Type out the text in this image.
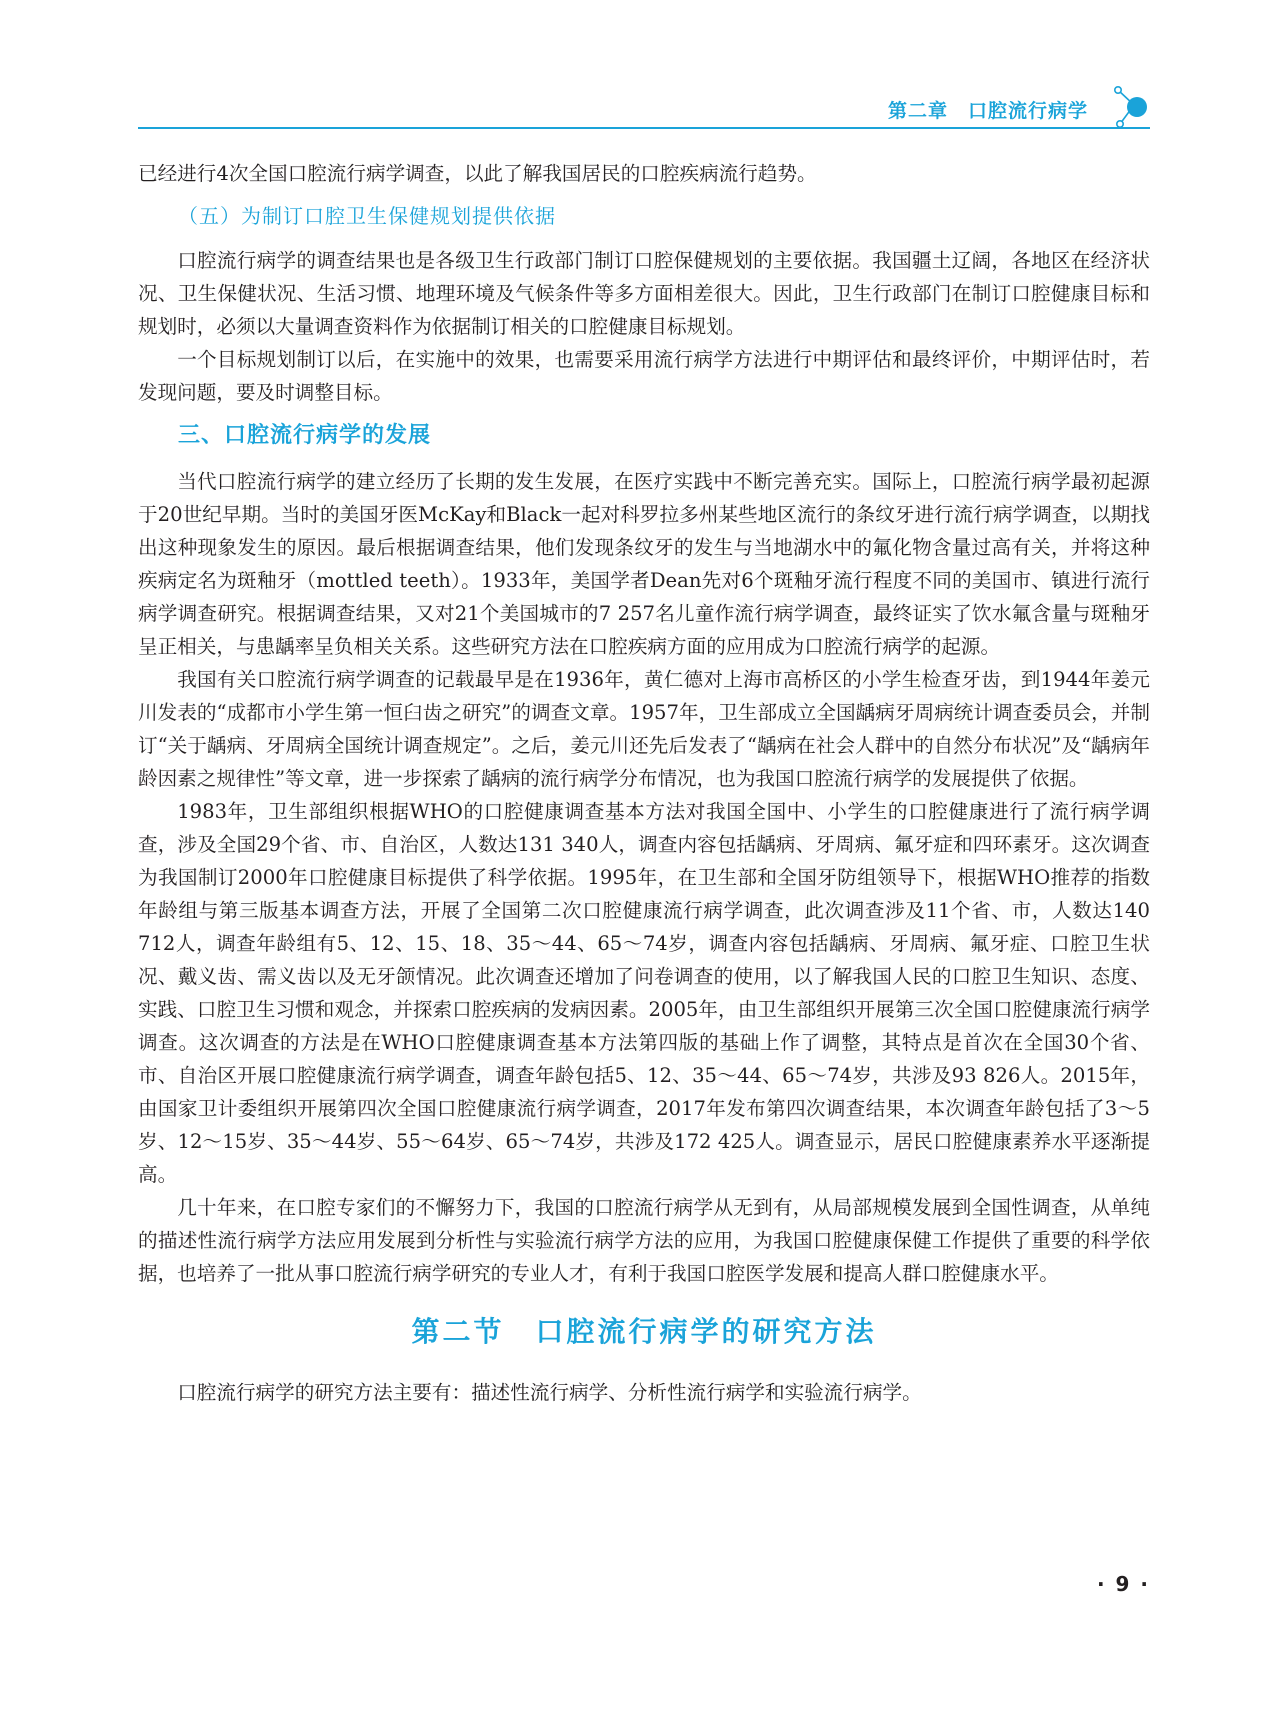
第二章　口腔流行病学

已经进行4次全国口腔流行病学调查，以此了解我国居民的口腔疾病流行趋势。

（五）为制订口腔卫生保健规划提供依据

口腔流行病学的调查结果也是各级卫生行政部门制订口腔保健规划的主要依据。我国疆土辽阔，各地区在经济状况、卫生保健状况、生活习惯、地理环境及气候条件等多方面相差很大。因此，卫生行政部门在制订口腔健康目标和规划时，必须以大量调查资料作为依据制订相关的口腔健康目标规划。

一个目标规划制订以后，在实施中的效果，也需要采用流行病学方法进行中期评估和最终评价，中期评估时，若发现问题，要及时调整目标。

三、口腔流行病学的发展

当代口腔流行病学的建立经历了长期的发生发展，在医疗实践中不断完善充实。国际上，口腔流行病学最初起源于20世纪早期。当时的美国牙医McKay和Black一起对科罗拉多州某些地区流行的条纹牙进行流行病学调查，以期找出这种现象发生的原因。最后根据调查结果，他们发现条纹牙的发生与当地湖水中的氟化物含量过高有关，并将这种疾病定名为斑釉牙（mottled teeth）。1933年，美国学者Dean先对6个斑釉牙流行程度不同的美国市、镇进行流行病学调查研究。根据调查结果，又对21个美国城市的7 257名儿童作流行病学调查，最终证实了饮水氟含量与斑釉牙呈正相关，与患龋率呈负相关关系。这些研究方法在口腔疾病方面的应用成为口腔流行病学的起源。

我国有关口腔流行病学调查的记载最早是在1936年，黄仁德对上海市高桥区的小学生检查牙齿，到1944年姜元川发表的“成都市小学生第一恒臼齿之研究”的调查文章。1957年，卫生部成立全国龋病牙周病统计调查委员会，并制订“关于龋病、牙周病全国统计调查规定”。之后，姜元川还先后发表了“龋病在社会人群中的自然分布状况”及“龋病年龄因素之规律性”等文章，进一步探索了龋病的流行病学分布情况，也为我国口腔流行病学的发展提供了依据。

1983年，卫生部组织根据WHO的口腔健康调查基本方法对我国全国中、小学生的口腔健康进行了流行病学调查，涉及全国29个省、市、自治区，人数达131 340人，调查内容包括龋病、牙周病、氟牙症和四环素牙。这次调查为我国制订2000年口腔健康目标提供了科学依据。1995年，在卫生部和全国牙防组领导下，根据WHO推荐的指数年龄组与第三版基本调查方法，开展了全国第二次口腔健康流行病学调查，此次调查涉及11个省、市，人数达140 712人，调查年龄组有5、12、15、18、35～44、65～74岁，调查内容包括龋病、牙周病、氟牙症、口腔卫生状况、戴义齿、需义齿以及无牙颌情况。此次调查还增加了问卷调查的使用，以了解我国人民的口腔卫生知识、态度、实践、口腔卫生习惯和观念，并探索口腔疾病的发病因素。2005年，由卫生部组织开展第三次全国口腔健康流行病学调查。这次调查的方法是在WHO口腔健康调查基本方法第四版的基础上作了调整，其特点是首次在全国30个省、市、自治区开展口腔健康流行病学调查，调查年龄包括5、12、35～44、65～74岁，共涉及93 826人。2015年，由国家卫计委组织开展第四次全国口腔健康流行病学调查，2017年发布第四次调查结果，本次调查年龄包括了3～5岁、12～15岁、35～44岁、55～64岁、65～74岁，共涉及172 425人。调查显示，居民口腔健康素养水平逐渐提高。

几十年来，在口腔专家们的不懈努力下，我国的口腔流行病学从无到有，从局部规模发展到全国性调查，从单纯的描述性流行病学方法应用发展到分析性与实验流行病学方法的应用，为我国口腔健康保健工作提供了重要的科学依据，也培养了一批从事口腔流行病学研究的专业人才，有利于我国口腔医学发展和提高人群口腔健康水平。

第二节　口腔流行病学的研究方法

口腔流行病学的研究方法主要有：描述性流行病学、分析性流行病学和实验流行病学。

· 9 ·
